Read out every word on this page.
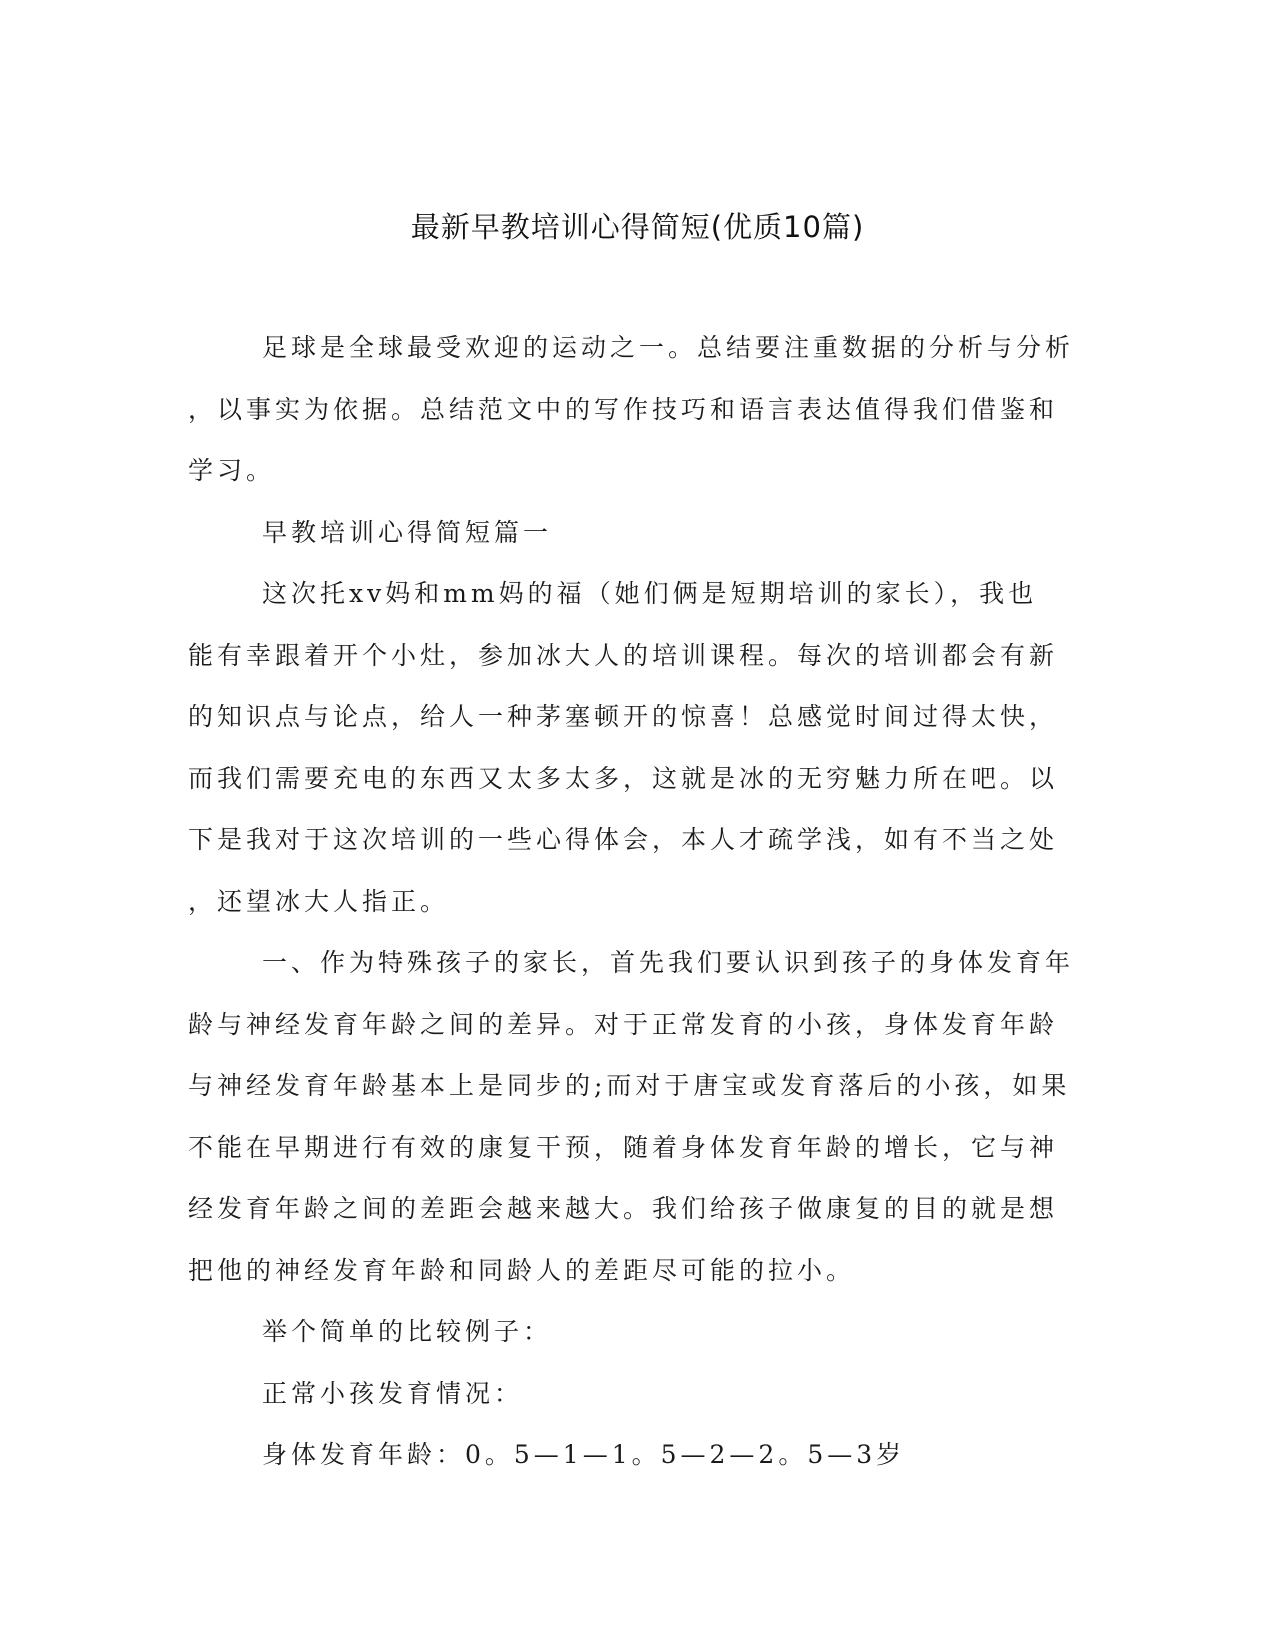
最新早教培训心得简短(优质10篇)
足球是全球最受欢迎的运动之一。总结要注重数据的分析与分析
，以事实为依据。总结范文中的写作技巧和语言表达值得我们借鉴和
学习。
早教培训心得简短篇一
这次托xv妈和mm妈的福（她们俩是短期培训的家长），我也
能有幸跟着开个小灶，参加冰大人的培训课程。每次的培训都会有新
的知识点与论点，给人一种茅塞顿开的惊喜！总感觉时间过得太快，
而我们需要充电的东西又太多太多，这就是冰的无穷魅力所在吧。以
下是我对于这次培训的一些心得体会，本人才疏学浅，如有不当之处
，还望冰大人指正。
一、作为特殊孩子的家长，首先我们要认识到孩子的身体发育年
龄与神经发育年龄之间的差异。对于正常发育的小孩，身体发育年龄
与神经发育年龄基本上是同步的;而对于唐宝或发育落后的小孩，如果
不能在早期进行有效的康复干预，随着身体发育年龄的增长，它与神
经发育年龄之间的差距会越来越大。我们给孩子做康复的目的就是想
把他的神经发育年龄和同龄人的差距尽可能的拉小。
举个简单的比较例子：
正常小孩发育情况：
身体发育年龄：0。5—1—1。5—2—2。5—3岁
